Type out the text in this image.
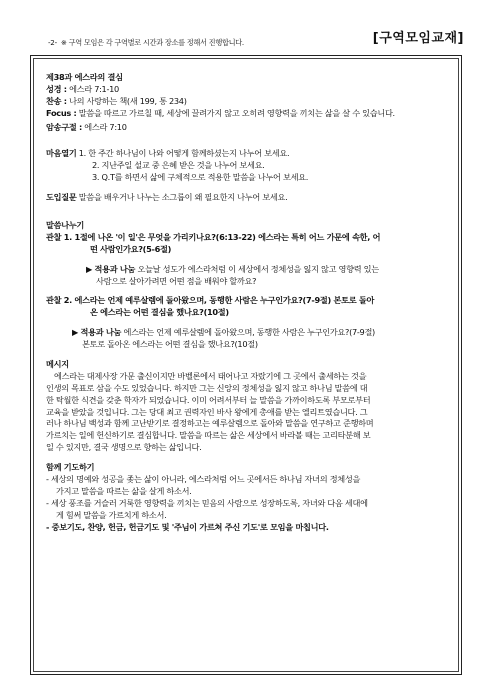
-2- ※ 구역 모임은 각 구역별로 시간과 장소를 정해서 진행합니다.	[구역모임교재]
제38과 에스라의 결심
성경 : 에스라 7:1-10
찬송 : 나의 사랑하는 책(새 199, 통 234)
Focus : 말씀을 따르고 가르칠 때, 세상에 끌려가지 않고 오히려 영향력을 끼치는 삶을 살 수 있습니다.
암송구절 : 에스라 7:10
마음열기 1. 한 주간 하나님이 나와 어떻게 함께하셨는지 나누어 보세요.
2. 지난주일 설교 중 은혜 받은 것을 나누어 보세요.
3. Q.T를 하면서 삶에 구체적으로 적용한 말씀을 나누어 보세요.
도입질문 말씀을 배우거나 나누는 소그룹이 왜 필요한지 나누어 보세요.
말씀나누기
관찰 1. 1절에 나온 '이 일'은 무엇을 가리키나요?(6:13-22) 에스라는 특히 어느 가문에 속한, 어
떤 사람인가요?(5-6절)
▶ 적용과 나눔 오늘날 성도가 에스라처럼 이 세상에서 정체성을 잃지 않고 영향력 있는
사람으로 살아가려면 어떤 점을 배워야 할까요?
관찰 2. 에스라는 언제 예루살렘에 돌아왔으며, 동행한 사람은 누구인가요?(7-9절) 본토로 돌아
온 에스라는 어떤 결심을 했나요?(10절)
▶ 적용과 나눔 에스라는 언제 예루살렘에 돌아왔으며, 동행한 사람은 누구인가요?(7-9절)
본토로 돌아온 에스라는 어떤 결심을 했나요?(10절)
메시지
에스라는 대제사장 가문 출신이지만 바벨론에서 태어나고 자랐기에 그 곳에서 출세하는 것을
인생의 목표로 삼을 수도 있었습니다. 하지만 그는 신앙의 정체성을 잃지 않고 하나님 말씀에 대
한 탁월한 식견을 갖춘 학자가 되었습니다. 이미 어려서부터 늘 말씀을 가까이하도록 부모로부터
교육을 받았을 것입니다. 그는 당대 최고 권력자인 바사 왕에게 총애를 받는 엘리트였습니다. 그
러나 하나님 백성과 함께 고난받기로 결정하고는 예루살렘으로 돌아와 말씀을 연구하고 준행하며
가르치는 일에 헌신하기로 결심합니다. 말씀을 따르는 삶은 세상에서 바라볼 때는 고리타분해 보
일 수 있지만, 결국 생명으로 향하는 삶입니다.
함께 기도하기
- 세상의 명예와 성공을 좇는 삶이 아니라, 에스라처럼 어느 곳에서든 하나님 자녀의 정체성을
가지고 말씀을 따르는 삶을 살게 하소서.
- 세상 풍조를 거슬러 거룩한 영향력을 끼치는 믿음의 사람으로 성장하도록, 자녀와 다음 세대에
게 힘써 말씀을 가르치게 하소서.
- 중보기도, 찬양, 헌금, 헌금기도 및 '주님이 가르쳐 주신 기도'로 모임을 마칩니다.
